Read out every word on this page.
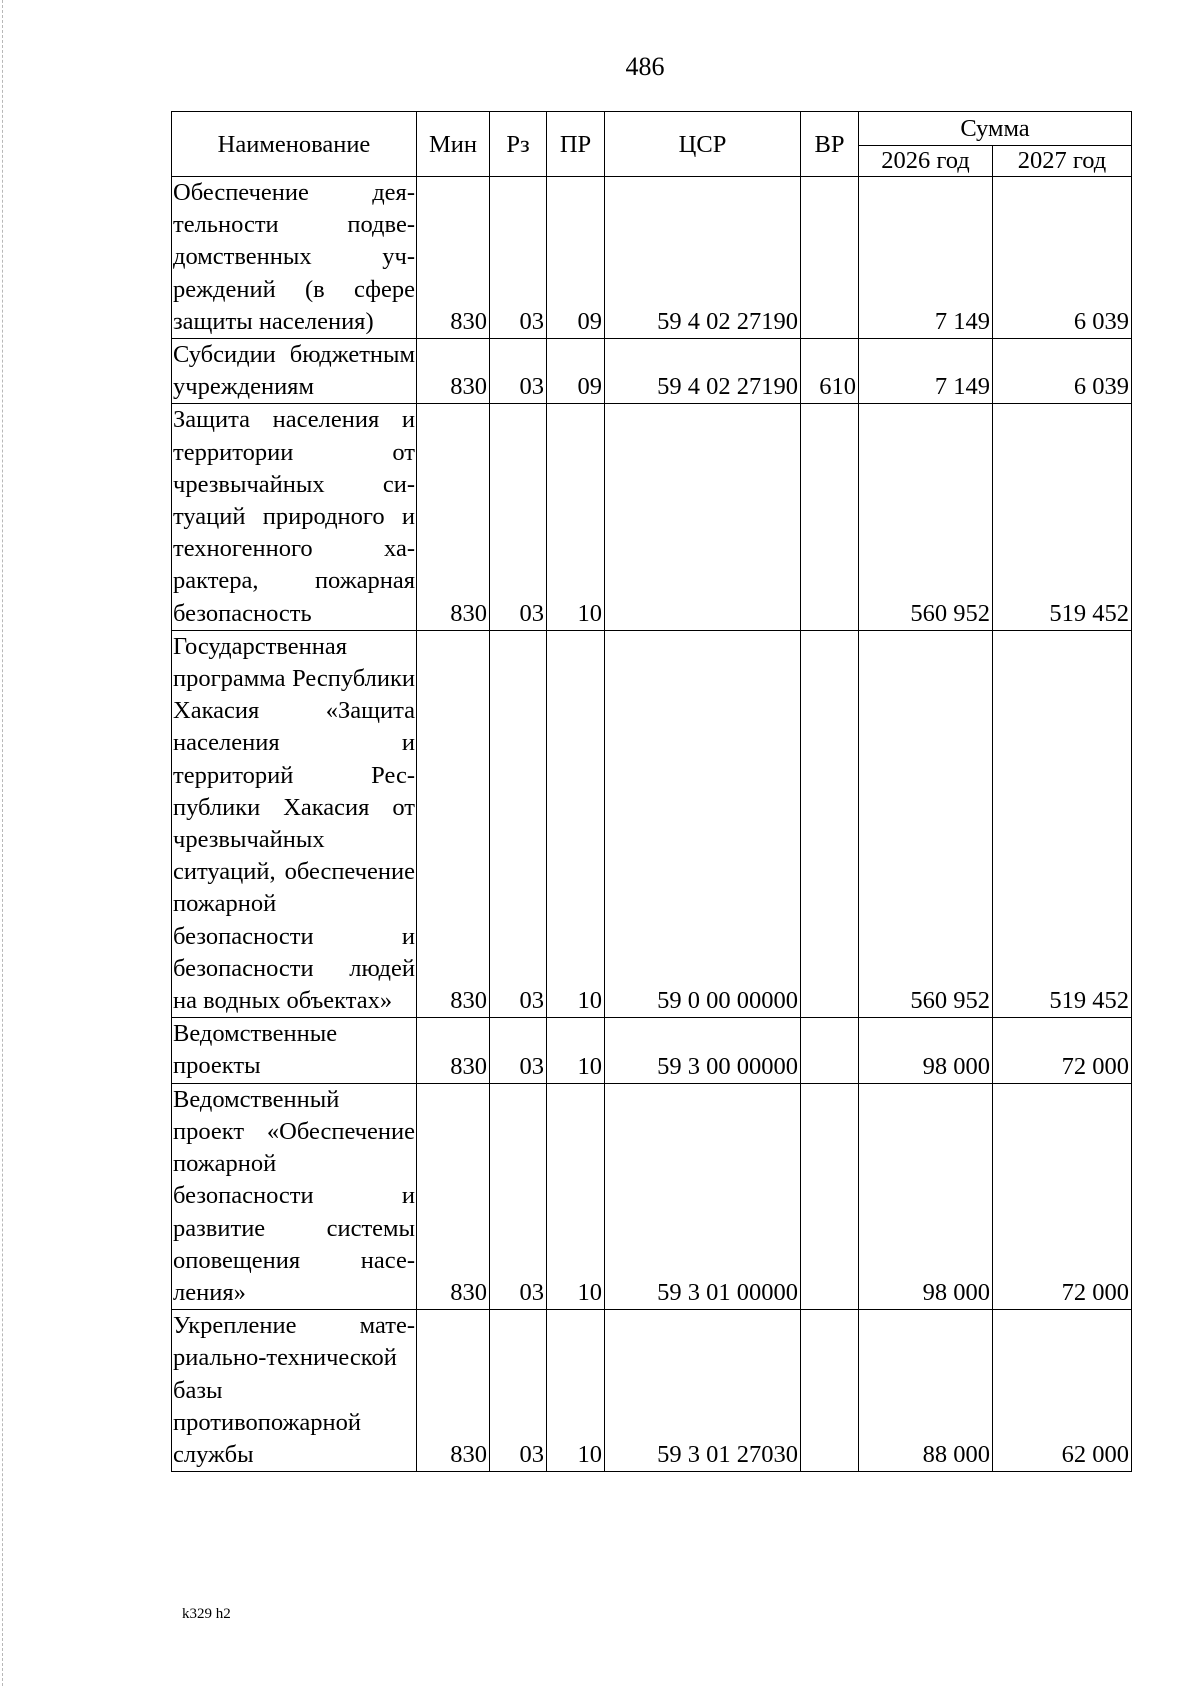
486
Наименование	Мин	Рз	ПР	ЦСР	ВР	Сумма	
						2026 год	2027 год
Обеспечение деятельности подведомственных учреждений (в сфере защиты населения)	830	03	09	59 4 02 27190		7 149	6 039
Субсидии бюджетным учреждениям	830	03	09	59 4 02 27190	610	7 149	6 039
Защита населения и территории от чрезвычайных ситуаций природного и техногенного характера, пожарная безопасность	830	03	10			560 952	519 452
Государственная программа Республики Хакасия «Защита населения и территорий Республики Хакасия от чрезвычайных ситуаций, обеспечение пожарной безопасности и безопасности людей на водных объектах»	830	03	10	59 0 00 00000		560 952	519 452
Ведомственные проекты	830	03	10	59 3 00 00000		98 000	72 000
Ведомственный проект «Обеспечение пожарной безопасности и развитие системы оповещения населения»	830	03	10	59 3 01 00000		98 000	72 000
Укрепление материально-технической базы противопожарной службы	830	03	10	59 3 01 27030		88 000	62 000
k329 h2
